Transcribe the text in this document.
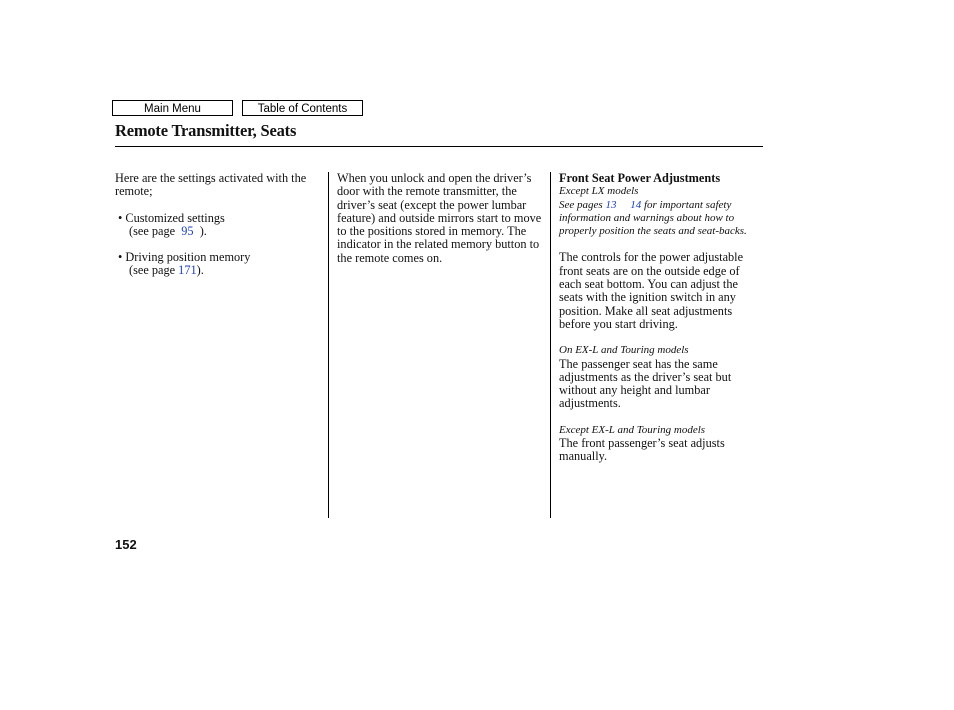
Main Menu	Table of Contents
Remote Transmitter, Seats

Here are the settings activated with the remote;

• Customized settings

(see page 95 ).

• Driving position memory

(see page 171).

When you unlock and open the driver’s door with the remote transmitter, the driver’s seat (except the power lumbar feature) and outside mirrors start to move to the positions stored in memory. The indicator in the related memory button to the remote comes on.

Front Seat Power Adjustments

Except LX models

See pages 13 14 for important safety information and warnings about how to properly position the seats and seat-backs.

The controls for the power adjustable front seats are on the outside edge of each seat bottom. You can adjust the seats with the ignition switch in any position. Make all seat adjustments before you start driving.

On EX-L and Touring models

The passenger seat has the same adjustments as the driver’s seat but without any height and lumbar adjustments.

Except EX-L and Touring models

The front passenger’s seat adjusts manually.

152
